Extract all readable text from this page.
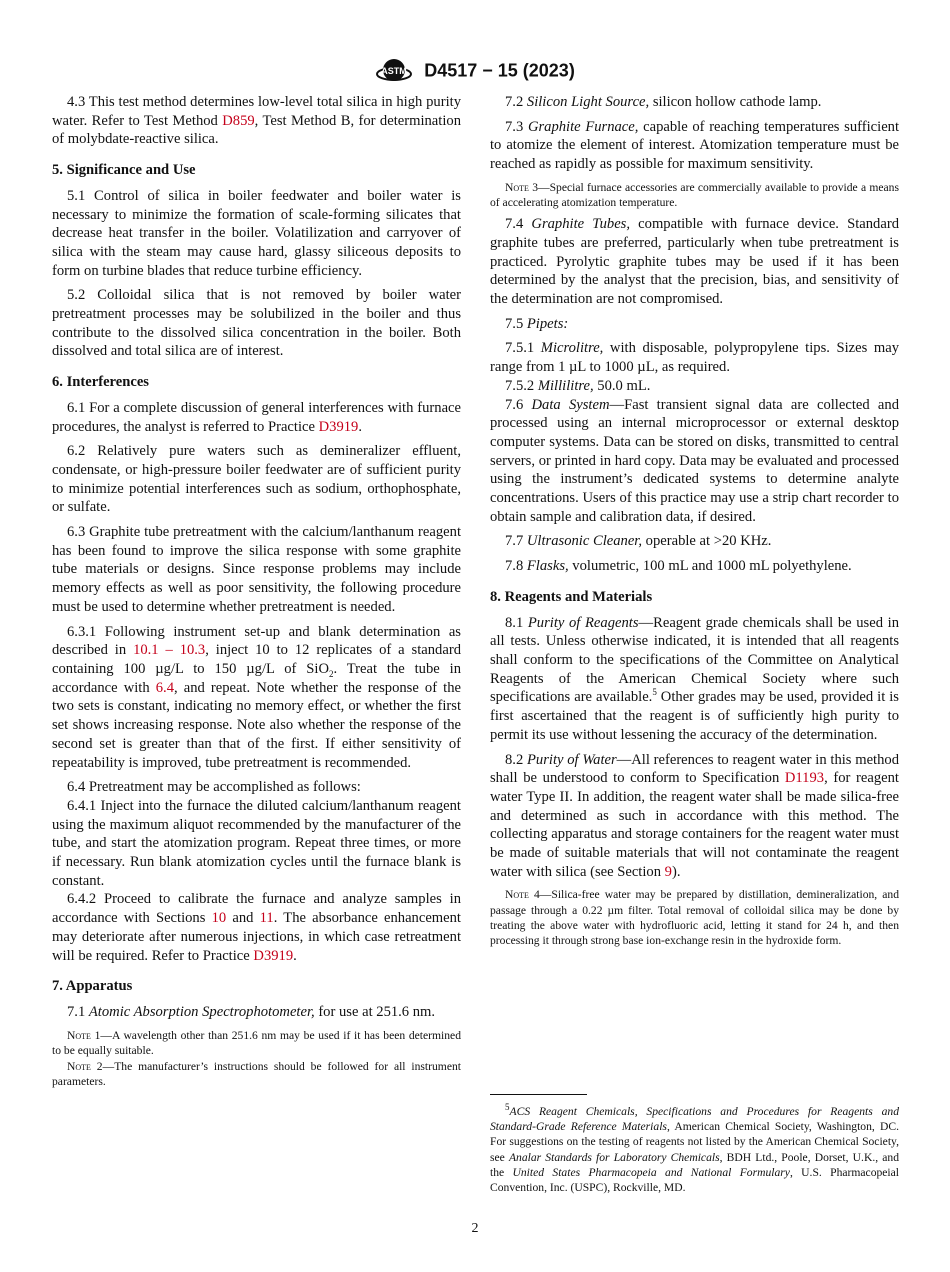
ASTM D4517 − 15 (2023)
4.3 This test method determines low-level total silica in high purity water. Refer to Test Method D859, Test Method B, for determination of molybdate-reactive silica.
5. Significance and Use
5.1 Control of silica in boiler feedwater and boiler water is necessary to minimize the formation of scale-forming silicates that decrease heat transfer in the boiler. Volatilization and carryover of silica with the steam may cause hard, glassy siliceous deposits to form on turbine blades that reduce turbine efficiency.
5.2 Colloidal silica that is not removed by boiler water pretreatment processes may be solubilized in the boiler and thus contribute to the dissolved silica concentration in the boiler. Both dissolved and total silica are of interest.
6. Interferences
6.1 For a complete discussion of general interferences with furnace procedures, the analyst is referred to Practice D3919.
6.2 Relatively pure waters such as demineralizer effluent, condensate, or high-pressure boiler feedwater are of sufficient purity to minimize potential interferences such as sodium, orthophosphate, or sulfate.
6.3 Graphite tube pretreatment with the calcium/lanthanum reagent has been found to improve the silica response with some graphite tube materials or designs. Since response problems may include memory effects as well as poor sensitivity, the following procedure must be used to determine whether pretreatment is needed.
6.3.1 Following instrument set-up and blank determination as described in 10.1 – 10.3, inject 10 to 12 replicates of a standard containing 100 µg/L to 150 µg/L of SiO$_2$. Treat the tube in accordance with 6.4, and repeat. Note whether the response of the two sets is constant, indicating no memory effect, or whether the first set shows increasing response. Note also whether the response of the second set is greater than that of the first. If either sensitivity of repeatability is improved, tube pretreatment is recommended.
6.4 Pretreatment may be accomplished as follows:
6.4.1 Inject into the furnace the diluted calcium/lanthanum reagent using the maximum aliquot recommended by the manufacturer of the tube, and start the atomization program. Repeat three times, or more if necessary. Run blank atomization cycles until the furnace blank is constant.
6.4.2 Proceed to calibrate the furnace and analyze samples in accordance with Sections 10 and 11. The absorbance enhancement may deteriorate after numerous injections, in which case retreatment will be required. Refer to Practice D3919.
7. Apparatus
7.1 Atomic Absorption Spectrophotometer, for use at 251.6 nm.
Note 1—A wavelength other than 251.6 nm may be used if it has been determined to be equally suitable.
Note 2—The manufacturer’s instructions should be followed for all instrument parameters.
7.2 Silicon Light Source, silicon hollow cathode lamp.
7.3 Graphite Furnace, capable of reaching temperatures sufficient to atomize the element of interest. Atomization temperature must be reached as rapidly as possible for maximum sensitivity.
Note 3—Special furnace accessories are commercially available to provide a means of accelerating atomization temperature.
7.4 Graphite Tubes, compatible with furnace device. Standard graphite tubes are preferred, particularly when tube pretreatment is practiced. Pyrolytic graphite tubes may be used if it has been determined by the analyst that the precision, bias, and sensitivity of the determination are not compromised.
7.5 Pipets:
7.5.1 Microlitre, with disposable, polypropylene tips. Sizes may range from 1 µL to 1000 µL, as required.
7.5.2 Millilitre, 50.0 mL.
7.6 Data System—Fast transient signal data are collected and processed using an internal microprocessor or external desktop computer systems. Data can be stored on disks, transmitted to central servers, or printed in hard copy. Data may be evaluated and processed using the instrument’s dedicated systems to determine analyte concentrations. Users of this practice may use a strip chart recorder to obtain sample and calibration data, if desired.
7.7 Ultrasonic Cleaner, operable at >20 KHz.
7.8 Flasks, volumetric, 100 mL and 1000 mL polyethylene.
8. Reagents and Materials
8.1 Purity of Reagents—Reagent grade chemicals shall be used in all tests. Unless otherwise indicated, it is intended that all reagents shall conform to the specifications of the Committee on Analytical Reagents of the American Chemical Society where such specifications are available.$^5$ Other grades may be used, provided it is first ascertained that the reagent is of sufficiently high purity to permit its use without lessening the accuracy of the determination.
8.2 Purity of Water—All references to reagent water in this method shall be understood to conform to Specification D1193, for reagent water Type II. In addition, the reagent water shall be made silica-free and determined as such in accordance with this method. The collecting apparatus and storage containers for the reagent water must be made of suitable materials that will not contaminate the reagent water with silica (see Section 9).
Note 4—Silica-free water may be prepared by distillation, demineralization, and passage through a 0.22 µm filter. Total removal of colloidal silica may be done by treating the above water with hydrofluoric acid, letting it stand for 24 h, and then processing it through strong base ion-exchange resin in the hydroxide form.
$^5$ACS Reagent Chemicals, Specifications and Procedures for Reagents and Standard-Grade Reference Materials, American Chemical Society, Washington, DC. For suggestions on the testing of reagents not listed by the American Chemical Society, see Analar Standards for Laboratory Chemicals, BDH Ltd., Poole, Dorset, U.K., and the United States Pharmacopeia and National Formulary, U.S. Pharmacopeial Convention, Inc. (USPC), Rockville, MD.
2
